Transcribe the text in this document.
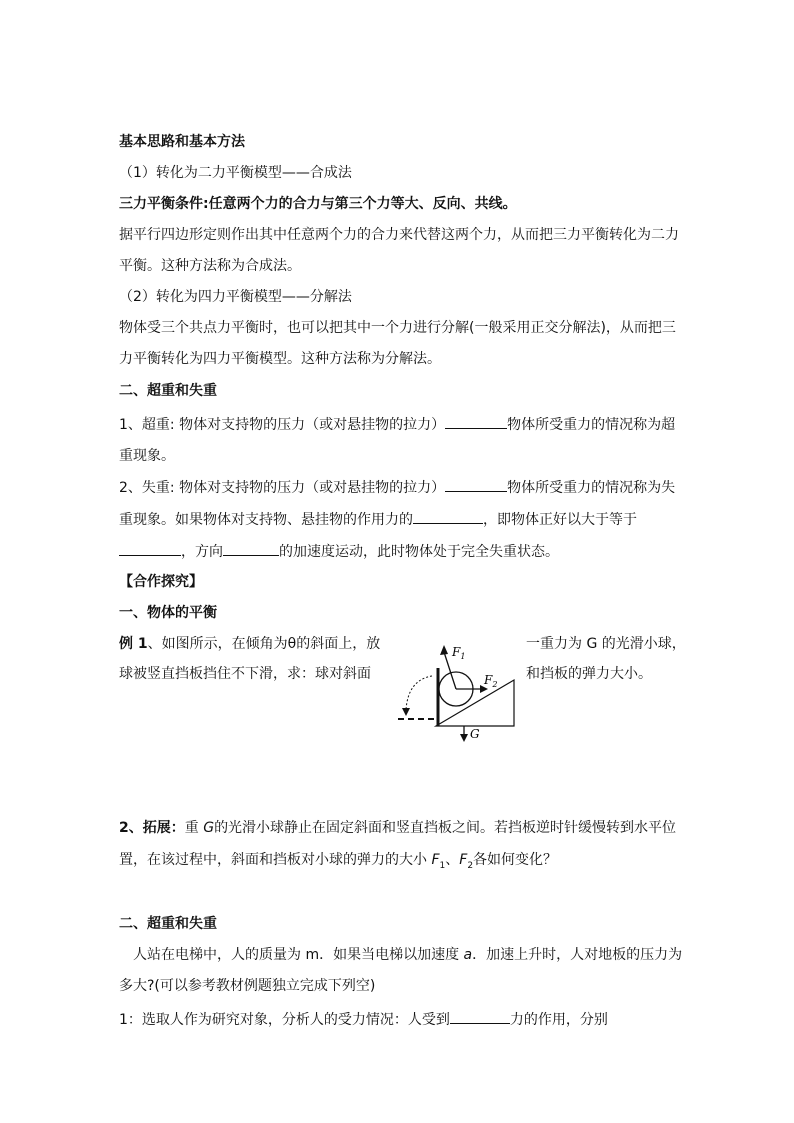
基本思路和基本方法
（1）转化为二力平衡模型——合成法
三力平衡条件:任意两个力的合力与第三个力等大、反向、共线。
据平行四边形定则作出其中任意两个力的合力来代替这两个力，从而把三力平衡转化为二力
平衡。这种方法称为合成法。
（2）转化为四力平衡模型——分解法
物体受三个共点力平衡时，也可以把其中一个力进行分解(一般采用正交分解法)，从而把三
力平衡转化为四力平衡模型。这种方法称为分解法。
二、超重和失重
1、超重: 物体对支持物的压力（或对悬挂物的拉力）	物体所受重力的情况称为超
重现象。
2、失重: 物体对支持物的压力（或对悬挂物的拉力）	物体所受重力的情况称为失
重现象。如果物体对支持物、悬挂物的作用力的	，即物体正好以大于等于
，方向	的加速度运动，此时物体处于完全失重状态。
【合作探究】
一、物体的平衡
例 1、如图所示，在倾角为θ的斜面上，放	一重力为 G 的光滑小球，
球被竖直挡板挡住不下滑，求：球对斜面	和挡板的弹力大小。
$F_1$
$F_2$
G
2、拓展：重 G的光滑小球静止在固定斜面和竖直挡板之间。若挡板逆时针缓慢转到水平位
置，在该过程中，斜面和挡板对小球的弹力的大小 $F_1$、$F_2$各如何变化？
二、超重和失重
人站在电梯中，人的质量为 m．如果当电梯以加速度 a．加速上升时，人对地板的压力为
多大?(可以参考教材例题独立完成下列空)
1：选取人作为研究对象，分析人的受力情况：人受到	力的作用，分别
